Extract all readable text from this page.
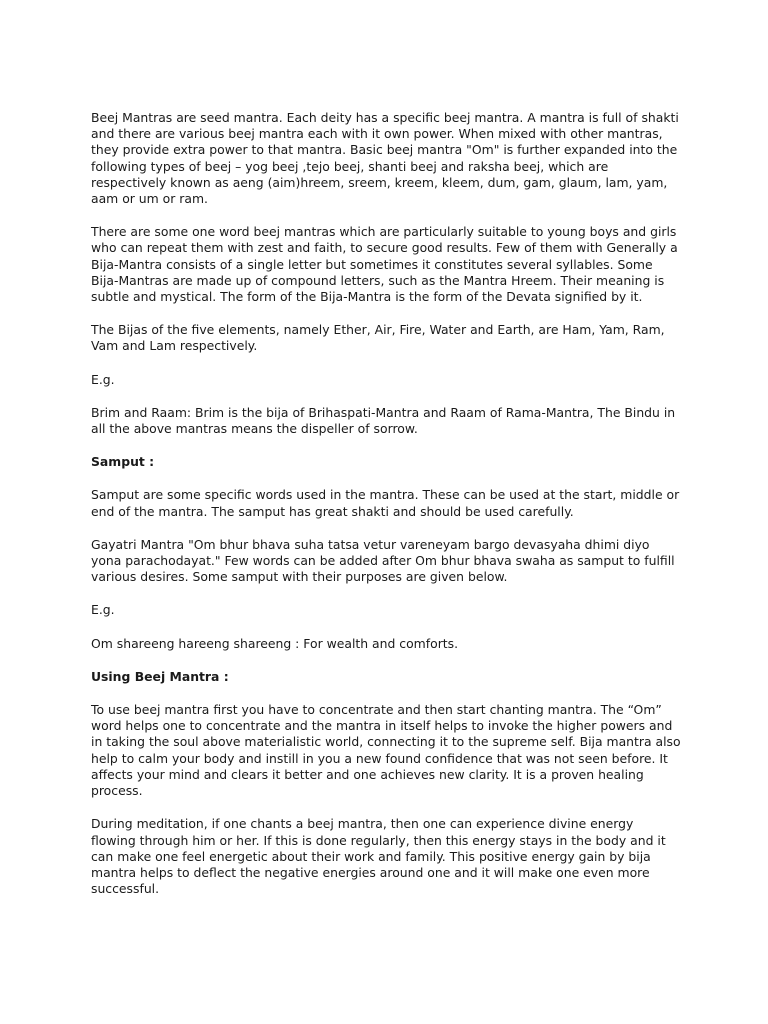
Beej Mantras are seed mantra. Each deity has a specific beej mantra. A mantra is full of shakti and there are various beej mantra each with it own power. When mixed with other mantras, they provide extra power to that mantra. Basic beej mantra "Om" is further expanded into the following types of beej – yog beej ,tejo beej, shanti beej and raksha beej, which are respectively known as aeng (aim)hreem, sreem, kreem, kleem, dum, gam, glaum, lam, yam, aam or um or ram.

There are some one word beej mantras which are particularly suitable to young boys and girls who can repeat them with zest and faith, to secure good results. Few of them with Generally a Bija-Mantra consists of a single letter but sometimes it constitutes several syllables. Some Bija-Mantras are made up of compound letters, such as the Mantra Hreem. Their meaning is subtle and mystical. The form of the Bija-Mantra is the form of the Devata signified by it.

The Bijas of the five elements, namely Ether, Air, Fire, Water and Earth, are Ham, Yam, Ram, Vam and Lam respectively.

E.g.

Brim and Raam: Brim is the bija of Brihaspati-Mantra and Raam of Rama-Mantra, The Bindu in all the above mantras means the dispeller of sorrow.

Samput :

Samput are some specific words used in the mantra. These can be used at the start, middle or end of the mantra. The samput has great shakti and should be used carefully.

Gayatri Mantra "Om bhur bhava suha tatsa vetur vareneyam bargo devasyaha dhimi diyo yona parachodayat." Few words can be added after Om bhur bhava swaha as samput to fulfill various desires. Some samput with their purposes are given below.

E.g.

Om shareeng hareeng shareeng : For wealth and comforts.

Using Beej Mantra :

To use beej mantra first you have to concentrate and then start chanting mantra. The “Om” word helps one to concentrate and the mantra in itself helps to invoke the higher powers and in taking the soul above materialistic world, connecting it to the supreme self. Bija mantra also help to calm your body and instill in you a new found confidence that was not seen before. It affects your mind and clears it better and one achieves new clarity. It is a proven healing process.

During meditation, if one chants a beej mantra, then one can experience divine energy flowing through him or her. If this is done regularly, then this energy stays in the body and it can make one feel energetic about their work and family. This positive energy gain by bija mantra helps to deflect the negative energies around one and it will make one even more successful.
